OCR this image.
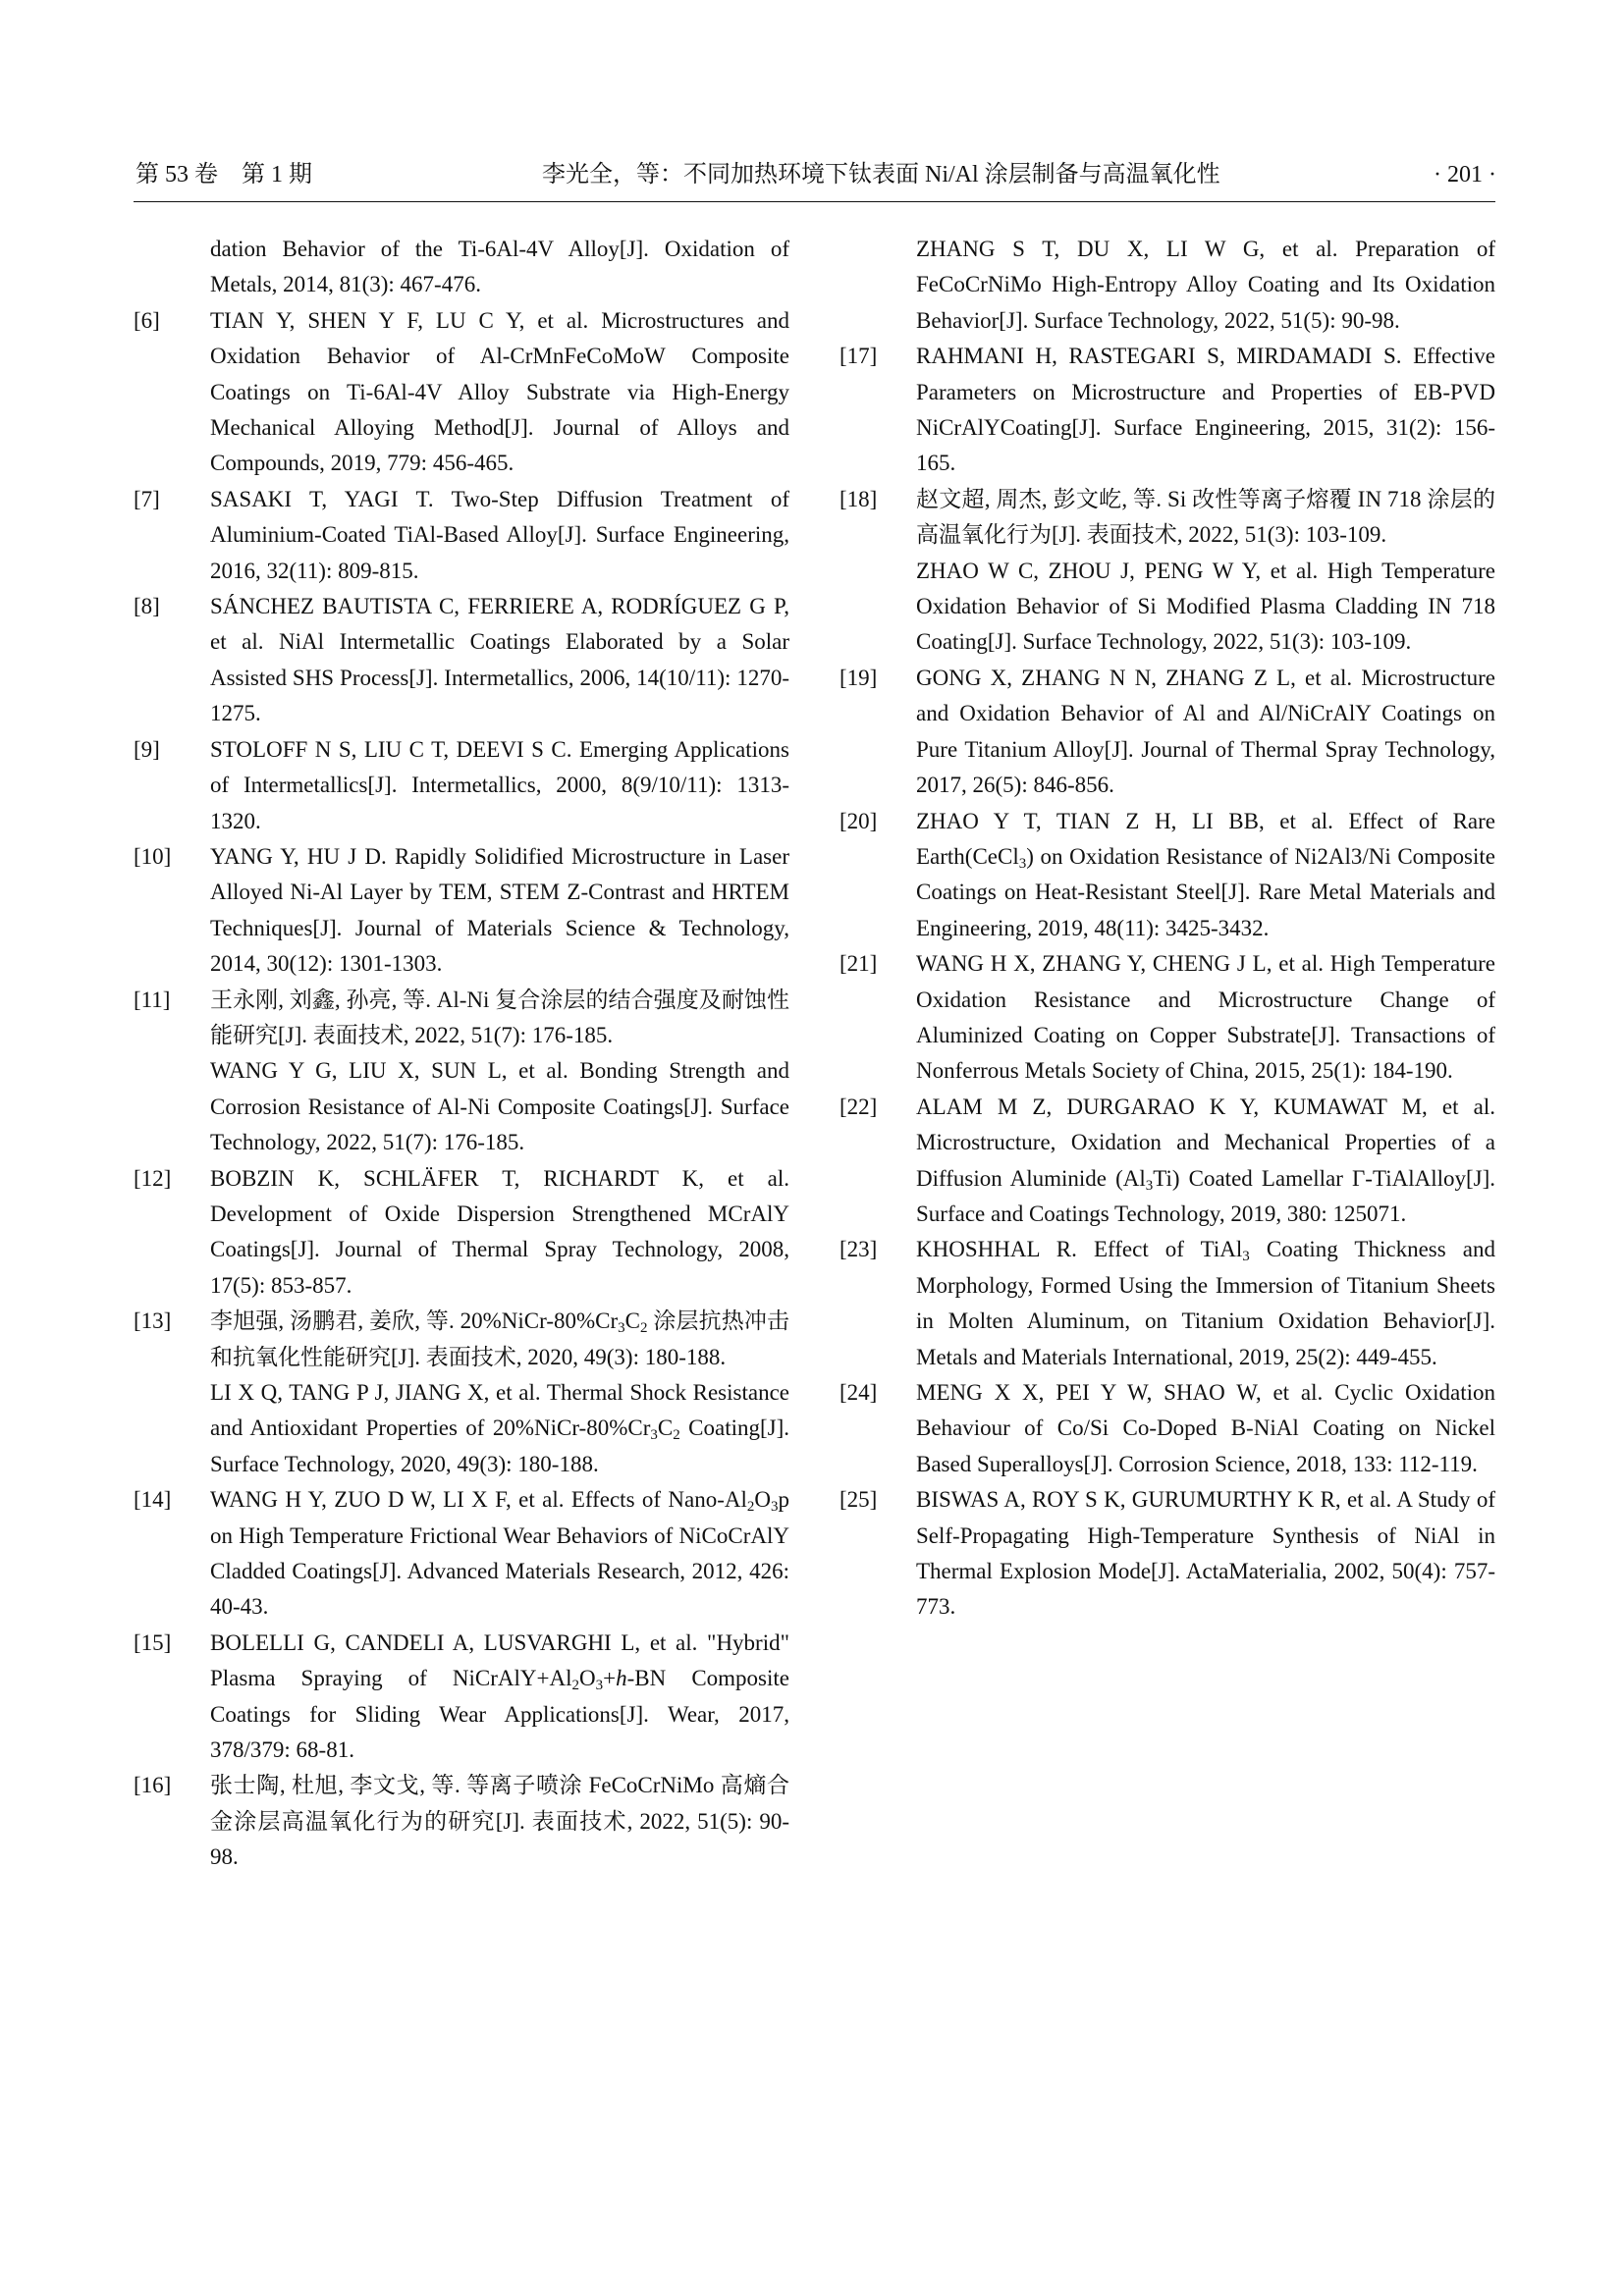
第 53 卷　第 1 期	李光全，等：不同加热环境下钛表面 Ni/Al 涂层制备与高温氧化性	· 201 ·
dation Behavior of the Ti-6Al-4V Alloy[J]. Oxidation of Metals, 2014, 81(3): 467-476.
[6]	TIAN Y, SHEN Y F, LU C Y, et al. Microstructures and Oxidation Behavior of Al-CrMnFeCoMoW Composite Coatings on Ti-6Al-4V Alloy Substrate via High-Energy Mechanical Alloying Method[J]. Journal of Alloys and Compounds, 2019, 779: 456-465.
[7]	SASAKI T, YAGI T. Two-Step Diffusion Treatment of Aluminium-Coated TiAl-Based Alloy[J]. Surface Engineering, 2016, 32(11): 809-815.
[8]	SÁNCHEZ BAUTISTA C, FERRIERE A, RODRÍGUEZ G P, et al. NiAl Intermetallic Coatings Elaborated by a Solar Assisted SHS Process[J]. Intermetallics, 2006, 14(10/11): 1270-1275.
[9]	STOLOFF N S, LIU C T, DEEVI S C. Emerging Applications of Intermetallics[J]. Intermetallics, 2000, 8(9/10/11): 1313-1320.
[10]	YANG Y, HU J D. Rapidly Solidified Microstructure in Laser Alloyed Ni-Al Layer by TEM, STEM Z-Contrast and HRTEM Techniques[J]. Journal of Materials Science & Technology, 2014, 30(12): 1301-1303.
[11]	王永刚, 刘鑫, 孙亮, 等. Al-Ni 复合涂层的结合强度及耐蚀性能研究[J]. 表面技术, 2022, 51(7): 176-185.
WANG Y G, LIU X, SUN L, et al. Bonding Strength and Corrosion Resistance of Al-Ni Composite Coatings[J]. Surface Technology, 2022, 51(7): 176-185.
[12]	BOBZIN K, SCHLÄFER T, RICHARDT K, et al. Development of Oxide Dispersion Strengthened MCrAlY Coatings[J]. Journal of Thermal Spray Technology, 2008, 17(5): 853-857.
[13]	李旭强, 汤鹏君, 姜欣, 等. $20\%NiCr-80\%Cr_3C_2$ 涂层抗热冲击和抗氧化性能研究[J]. 表面技术, 2020, 49(3): 180-188.
LI X Q, TANG P J, JIANG X, et al. Thermal Shock Resistance and Antioxidant Properties of $20\%NiCr-80\%Cr_3C_2$ Coating[J]. Surface Technology, 2020, 49(3): 180-188.
[14]	WANG H Y, ZUO D W, LI X F, et al. Effects of Nano-$Al_2O_3p$ on High Temperature Frictional Wear Behaviors of NiCoCrAlY Cladded Coatings[J]. Advanced Materials Research, 2012, 426: 40-43.
[15]	BOLELLI G, CANDELI A, LUSVARGHI L, et al. "Hybrid" Plasma Spraying of $NiCrAlY+Al_2O_3+h-BN$ Composite Coatings for Sliding Wear Applications[J]. Wear, 2017, 378/379: 68-81.
[16]	张士陶, 杜旭, 李文戈, 等. 等离子喷涂 FeCoCrNiMo 高熵合金涂层高温氧化行为的研究[J]. 表面技术, 2022, 51(5): 90-98.
ZHANG S T, DU X, LI W G, et al. Preparation of FeCoCrNiMo High-Entropy Alloy Coating and Its Oxidation Behavior[J]. Surface Technology, 2022, 51(5): 90-98.
[17]	RAHMANI H, RASTEGARI S, MIRDAMADI S. Effective Parameters on Microstructure and Properties of EB-PVD NiCrAlYCoating[J]. Surface Engineering, 2015, 31(2): 156-165.
[18]	赵文超, 周杰, 彭文屹, 等. Si 改性等离子熔覆 IN 718 涂层的高温氧化行为[J]. 表面技术, 2022, 51(3): 103-109.
ZHAO W C, ZHOU J, PENG W Y, et al. High Temperature Oxidation Behavior of Si Modified Plasma Cladding IN 718 Coating[J]. Surface Technology, 2022, 51(3): 103-109.
[19]	GONG X, ZHANG N N, ZHANG Z L, et al. Microstructure and Oxidation Behavior of Al and Al/NiCrAlY Coatings on Pure Titanium Alloy[J]. Journal of Thermal Spray Technology, 2017, 26(5): 846-856.
[20]	ZHAO Y T, TIAN Z H, LI BB, et al. Effect of Rare Earth(CeCl$_3$) on Oxidation Resistance of Ni2Al3/Ni Composite Coatings on Heat-Resistant Steel[J]. Rare Metal Materials and Engineering, 2019, 48(11): 3425-3432.
[21]	WANG H X, ZHANG Y, CHENG J L, et al. High Temperature Oxidation Resistance and Microstructure Change of Aluminized Coating on Copper Substrate[J]. Transactions of Nonferrous Metals Society of China, 2015, 25(1): 184-190.
[22]	ALAM M Z, DURGARAO K Y, KUMAWAT M, et al. Microstructure, Oxidation and Mechanical Properties of a Diffusion Aluminide $(Al_3Ti)$ Coated Lamellar Γ-TiAlAlloy[J]. Surface and Coatings Technology, 2019, 380: 125071.
[23]	KHOSHHAL R. Effect of TiAl$_3$ Coating Thickness and Morphology, Formed Using the Immersion of Titanium Sheets in Molten Aluminum, on Titanium Oxidation Behavior[J]. Metals and Materials International, 2019, 25(2): 449-455.
[24]	MENG X X, PEI Y W, SHAO W, et al. Cyclic Oxidation Behaviour of Co/Si Co-Doped B-NiAl Coating on Nickel Based Superalloys[J]. Corrosion Science, 2018, 133: 112-119.
[25]	BISWAS A, ROY S K, GURUMURTHY K R, et al. A Study of Self-Propagating High-Temperature Synthesis of NiAl in Thermal Explosion Mode[J]. ActaMaterialia, 2002, 50(4): 757-773.
